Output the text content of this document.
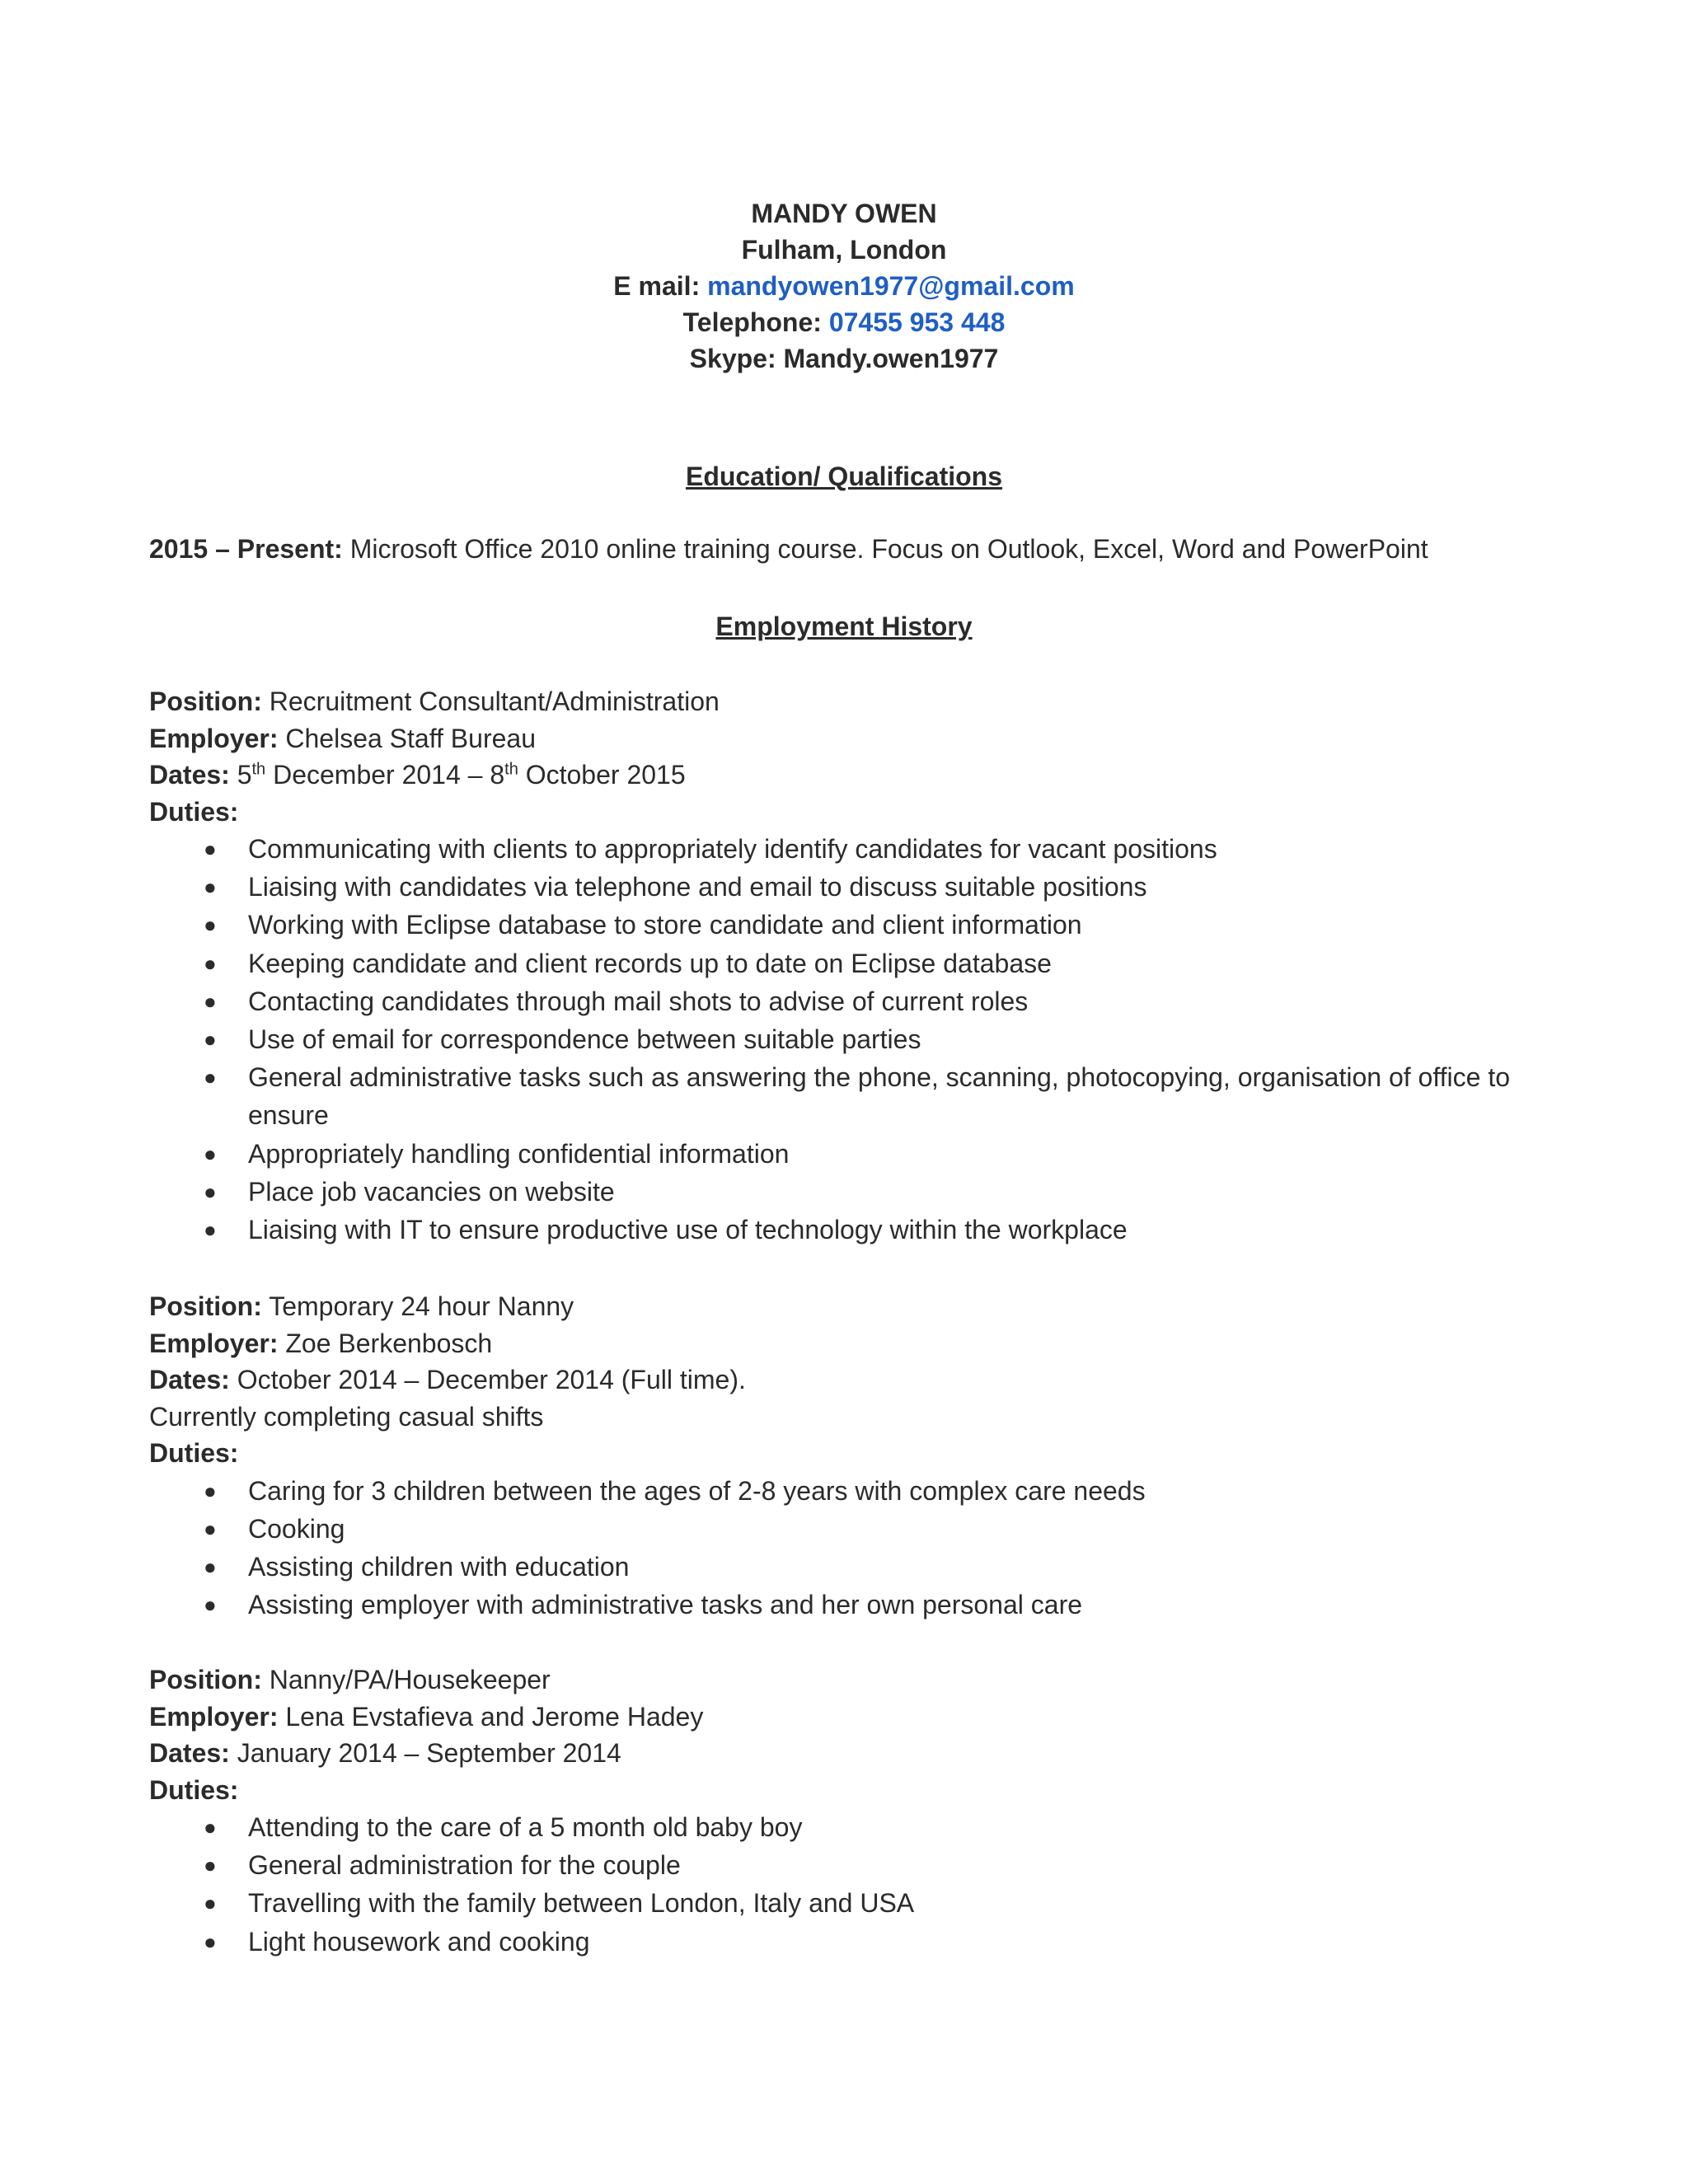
MANDY OWEN
Fulham, London
E mail: mandyowen1977@gmail.com
Telephone: 07455 953 448
Skype: Mandy.owen1977
Education/ Qualifications
2015 – Present: Microsoft Office 2010 online training course. Focus on Outlook, Excel, Word and PowerPoint
Employment History
Position: Recruitment Consultant/Administration
Employer: Chelsea Staff Bureau
Dates: 5th December 2014 – 8th October 2015
Duties:
● Communicating with clients to appropriately identify candidates for vacant positions
● Liaising with candidates via telephone and email to discuss suitable positions
● Working with Eclipse database to store candidate and client information
● Keeping candidate and client records up to date on Eclipse database
● Contacting candidates through mail shots to advise of current roles
● Use of email for correspondence between suitable parties
● General administrative tasks such as answering the phone, scanning, photocopying, organisation of office to ensure
● Appropriately handling confidential information
● Place job vacancies on website
● Liaising with IT to ensure productive use of technology within the workplace
Position: Temporary 24 hour Nanny
Employer: Zoe Berkenbosch
Dates: October 2014 – December 2014 (Full time).
Currently completing casual shifts
Duties:
● Caring for 3 children between the ages of 2-8 years with complex care needs
● Cooking
● Assisting children with education
● Assisting employer with administrative tasks and her own personal care
Position: Nanny/PA/Housekeeper
Employer: Lena Evstafieva and Jerome Hadey
Dates: January 2014 – September 2014
Duties:
● Attending to the care of a 5 month old baby boy
● General administration for the couple
● Travelling with the family between London, Italy and USA
● Light housework and cooking
